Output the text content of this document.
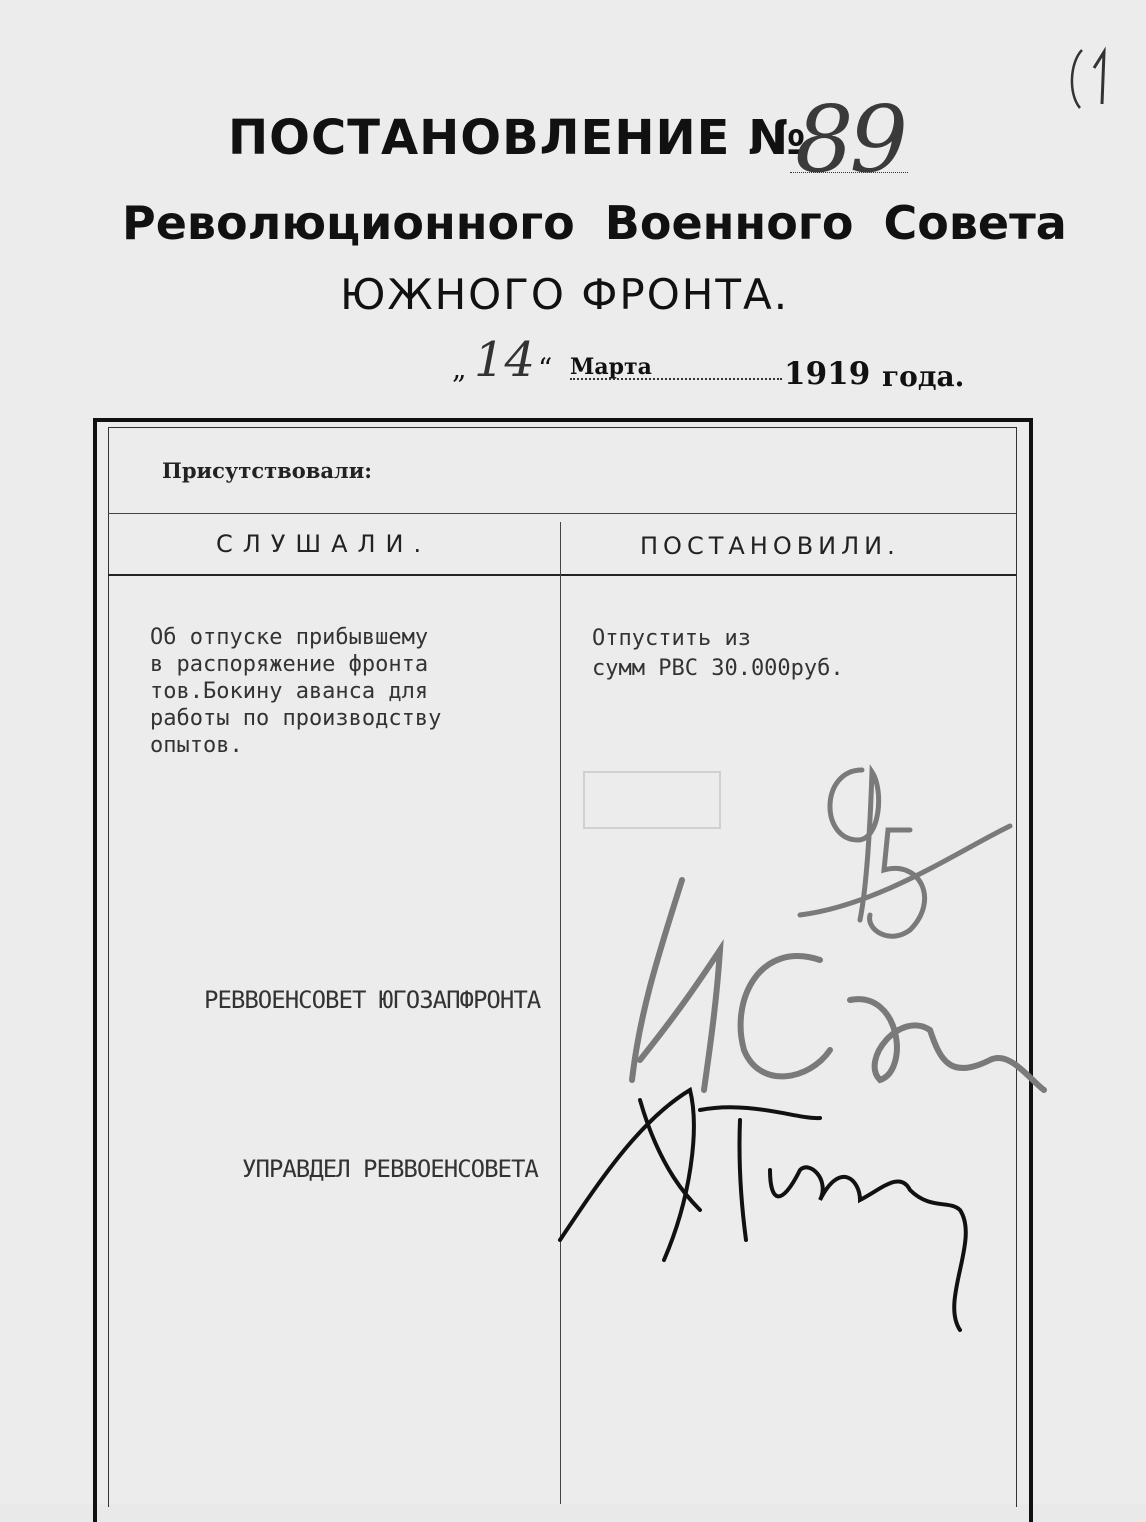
ПОСТАНОВЛЕНИЕ №
89
Революционного Военного Совета
ЮЖНОГО ФРОНТА.
„ 14 “ Марта	1919 года.
Присутствовали:
СЛУШАЛИ.	ПОСТАНОВИЛИ.
Об отпуске прибывшему
в распоряжение фронта
тов.Бокину аванса для
работы по производству
опытов.
Отпустить из
сумм РВС 30.000руб.
РЕВВОЕНСОВЕТ ЮГОЗАПФРОНТА
УПРАВДЕЛ РЕВВОЕНСОВЕТА
